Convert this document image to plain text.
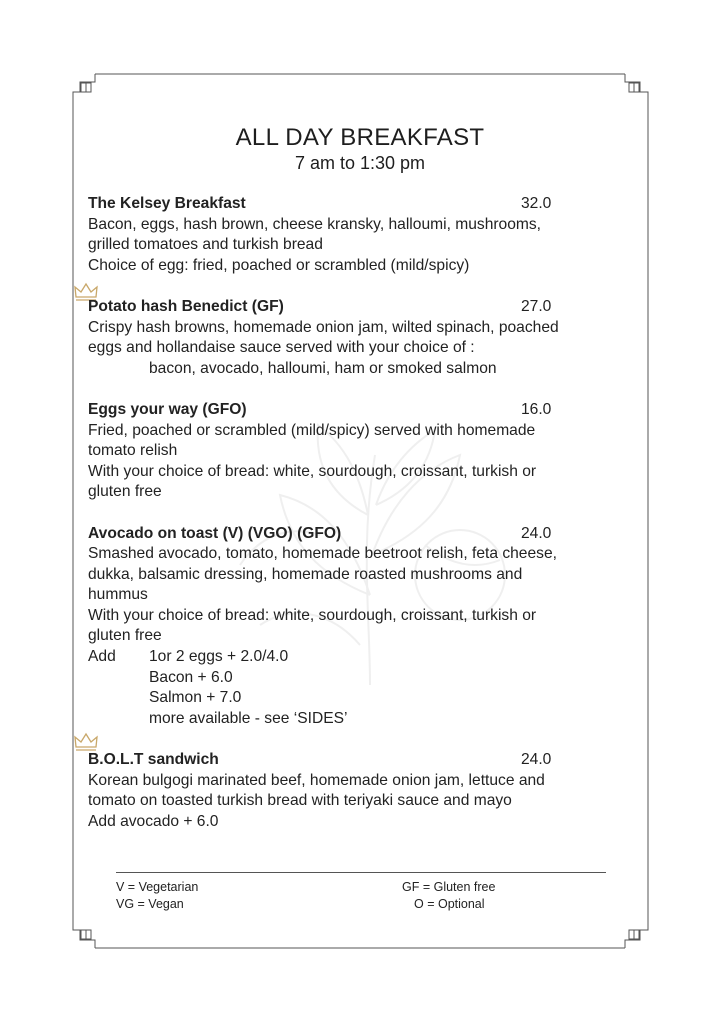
ALL DAY BREAKFAST
7 am to 1:30 pm
The Kelsey Breakfast	32.0
Bacon, eggs, hash brown, cheese kransky, halloumi, mushrooms,
grilled tomatoes and turkish bread
Choice of egg: fried, poached or scrambled (mild/spicy)
Potato hash Benedict (GF)	27.0
Crispy hash browns, homemade onion jam, wilted spinach, poached
eggs and hollandaise sauce served with your choice of :
bacon, avocado, halloumi, ham or smoked salmon
Eggs your way (GFO)	16.0
Fried, poached or scrambled (mild/spicy) served with homemade
tomato relish
With your choice of bread: white, sourdough, croissant, turkish or
gluten free
Avocado on toast (V) (VGO) (GFO)	24.0
Smashed avocado, tomato, homemade beetroot relish, feta cheese,
dukka, balsamic dressing, homemade roasted mushrooms and
hummus
With your choice of bread: white, sourdough, croissant, turkish or
gluten free
Add	1or 2 eggs + 2.0/4.0
Bacon + 6.0
Salmon + 7.0
more available - see ‘SIDES’
B.O.L.T sandwich	24.0
Korean bulgogi marinated beef, homemade onion jam, lettuce and
tomato on toasted turkish bread with teriyaki sauce and mayo
Add avocado + 6.0
V = Vegetarian
VG = Vegan
GF = Gluten free
O = Optional
